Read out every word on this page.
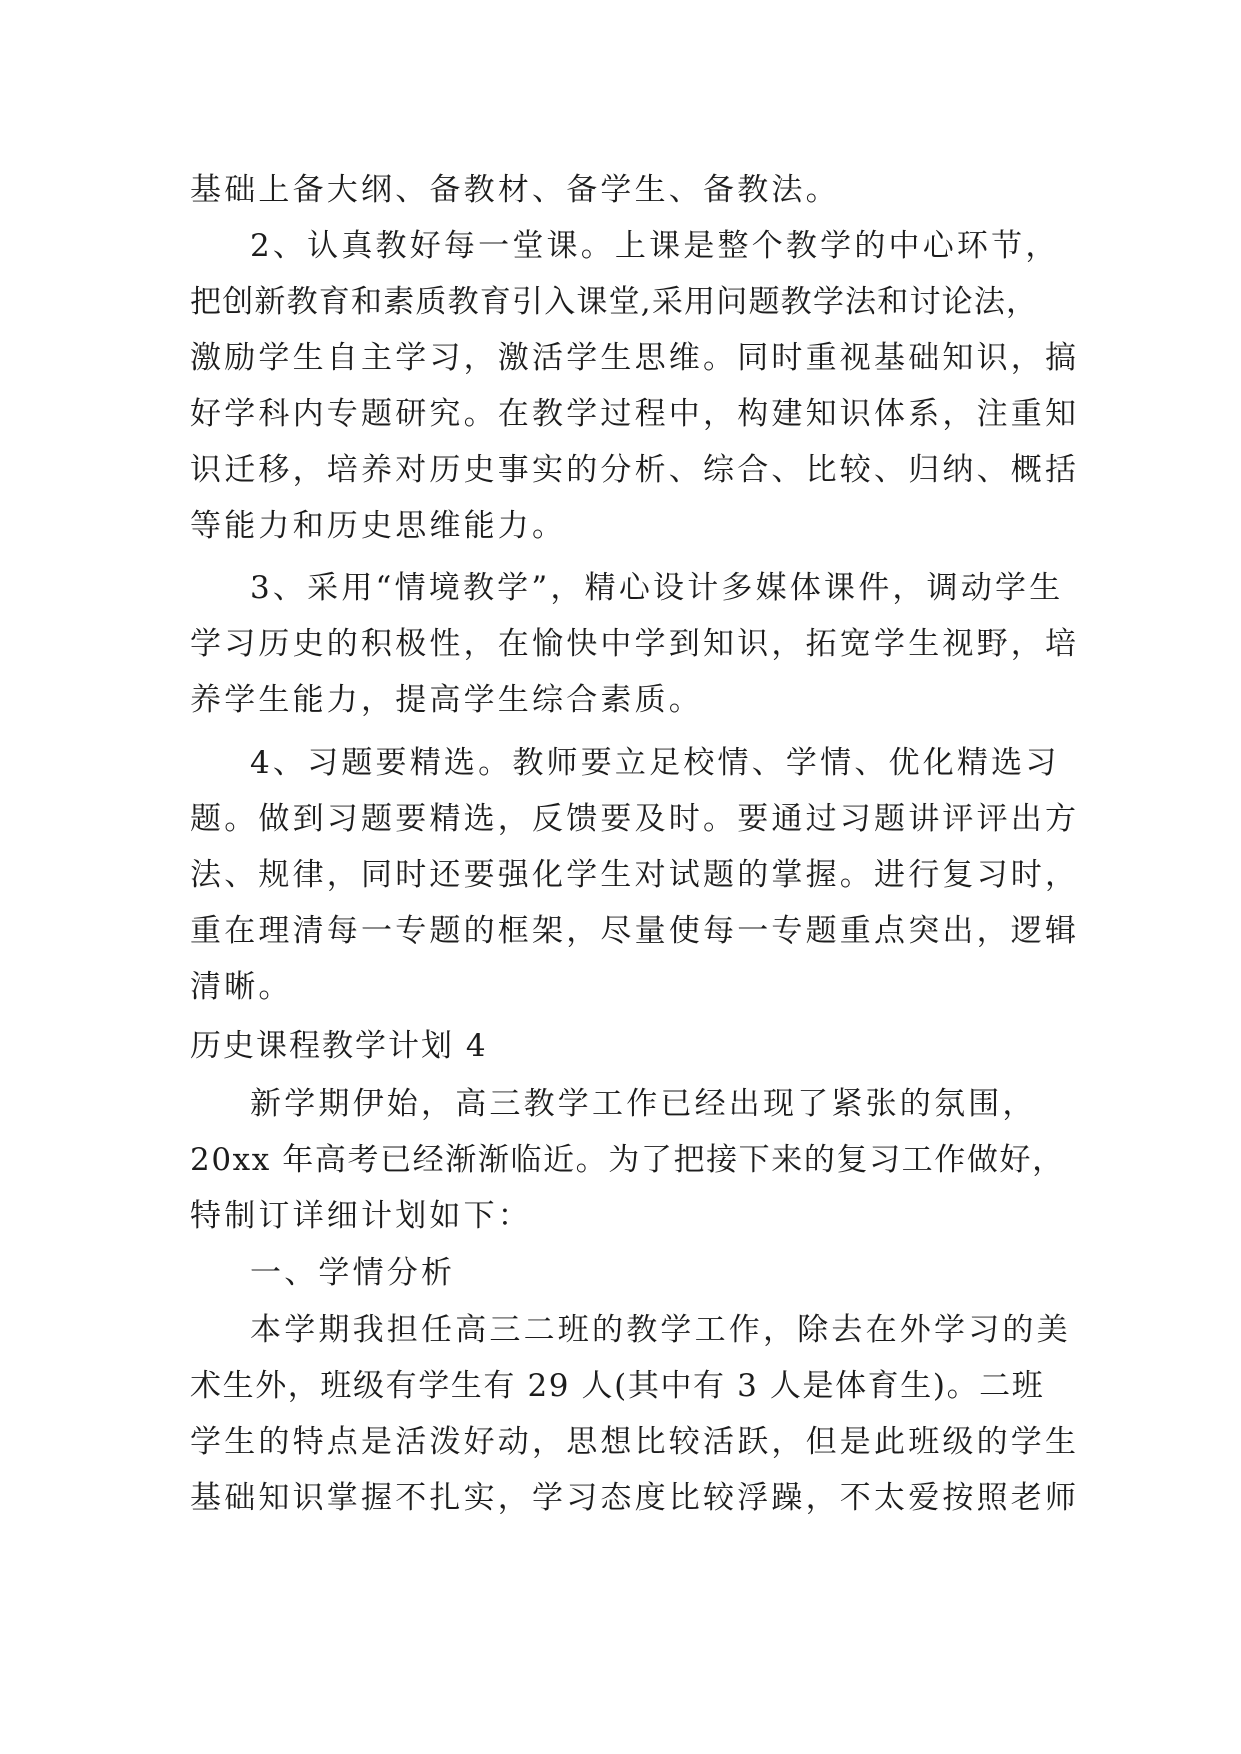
基础上备大纲、备教材、备学生、备教法。
2、认真教好每一堂课。上课是整个教学的中心环节，
把创新教育和素质教育引入课堂,采用问题教学法和讨论法，
激励学生自主学习，激活学生思维。同时重视基础知识，搞
好学科内专题研究。在教学过程中，构建知识体系，注重知
识迁移，培养对历史事实的分析、综合、比较、归纳、概括
等能力和历史思维能力。
3、采用“情境教学”，精心设计多媒体课件，调动学生
学习历史的积极性，在愉快中学到知识，拓宽学生视野，培
养学生能力，提高学生综合素质。
4、习题要精选。教师要立足校情、学情、优化精选习
题。做到习题要精选，反馈要及时。要通过习题讲评评出方
法、规律，同时还要强化学生对试题的掌握。进行复习时，
重在理清每一专题的框架，尽量使每一专题重点突出，逻辑
清晰。
历史课程教学计划 4
新学期伊始，高三教学工作已经出现了紧张的氛围，
20xx 年高考已经渐渐临近。为了把接下来的复习工作做好，
特制订详细计划如下：
一、学情分析
本学期我担任高三二班的教学工作，除去在外学习的美
术生外，班级有学生有 29 人(其中有 3 人是体育生)。二班
学生的特点是活泼好动，思想比较活跃，但是此班级的学生
基础知识掌握不扎实，学习态度比较浮躁，不太爱按照老师
